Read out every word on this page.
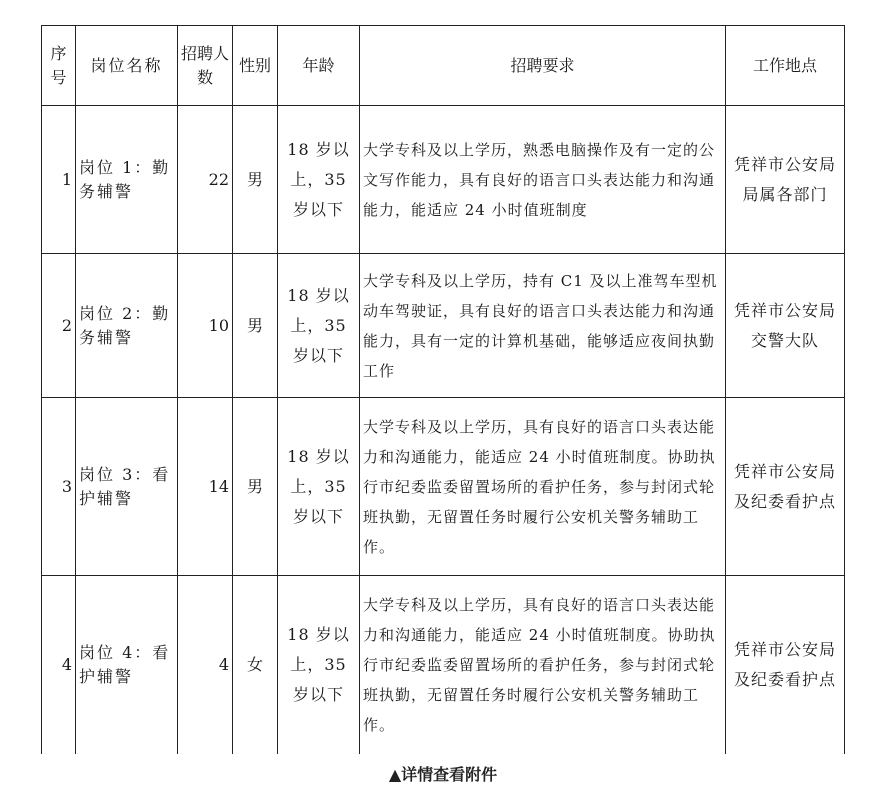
序号	岗位名称	招聘人数	性别	年龄	招聘要求	工作地点
1	岗位 1：勤务辅警	22	男	18 岁以上，35 岁以下	大学专科及以上学历，熟悉电脑操作及有一定的公文写作能力，具有良好的语言口头表达能力和沟通能力，能适应 24 小时值班制度	凭祥市公安局局属各部门
2	岗位 2：勤务辅警	10	男	18 岁以上，35 岁以下	大学专科及以上学历，持有 C1 及以上准驾车型机动车驾驶证，具有良好的语言口头表达能力和沟通能力，具有一定的计算机基础，能够适应夜间执勤工作	凭祥市公安局交警大队
3	岗位 3：看护辅警	14	男	18 岁以上，35 岁以下	大学专科及以上学历，具有良好的语言口头表达能力和沟通能力，能适应 24 小时值班制度。协助执行市纪委监委留置场所的看护任务，参与封闭式轮班执勤，无留置任务时履行公安机关警务辅助工作。	凭祥市公安局及纪委看护点
4	岗位 4：看护辅警	4	女	18 岁以上，35 岁以下	大学专科及以上学历，具有良好的语言口头表达能力和沟通能力，能适应 24 小时值班制度。协助执行市纪委监委留置场所的看护任务，参与封闭式轮班执勤，无留置任务时履行公安机关警务辅助工作。	凭祥市公安局及纪委看护点
▲详情查看附件
